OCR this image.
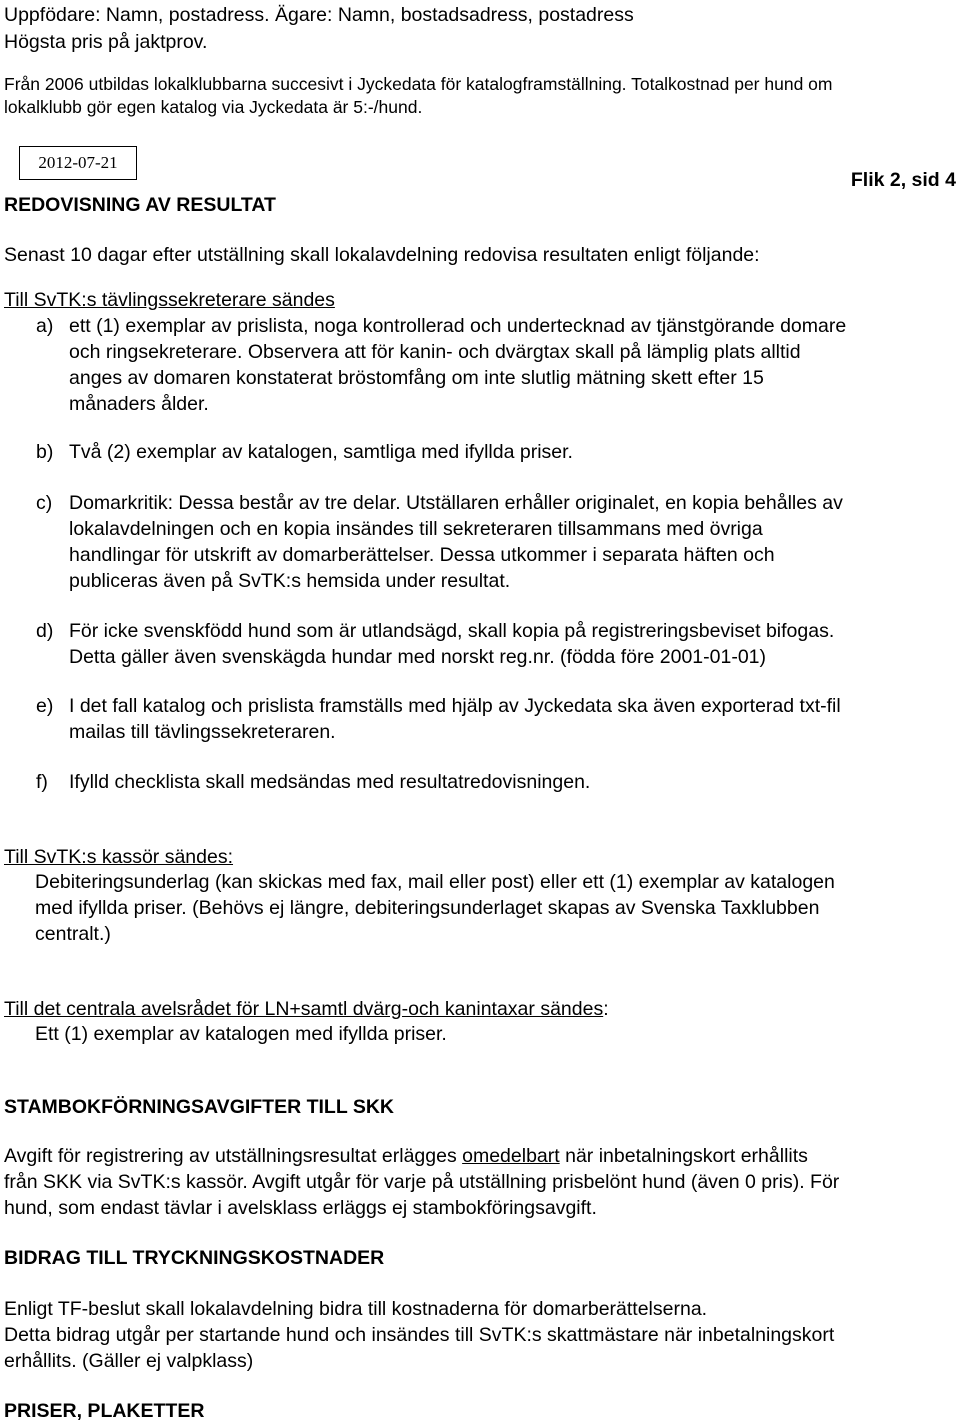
Uppfödare: Namn, postadress. Ägare: Namn, bostadsadress, postadress
Högsta pris på jaktprov.
Från 2006 utbildas lokalklubbarna succesivt i Jyckedata för katalogframställning. Totalkostnad per hund om
lokalklubb gör egen katalog via Jyckedata är 5:-/hund.
2012-07-21
REDOVISNING AV RESULTAT
Flik 2, sid 4
Senast 10 dagar efter utställning skall lokalavdelning redovisa resultaten enligt följande:
Till SvTK:s tävlingssekreterare sändes
a) ett (1) exemplar av prislista, noga kontrollerad och undertecknad av tjänstgörande domare
och ringsekreterare. Observera att för kanin- och dvärgtax skall på lämplig plats alltid
anges av domaren konstaterat bröstomfång om inte slutlig mätning skett efter 15
månaders ålder.
b) Två (2) exemplar av katalogen, samtliga med ifyllda priser.
c) Domarkritik: Dessa består av tre delar. Utställaren erhåller originalet, en kopia behålles av
lokalavdelningen och en kopia insändes till sekreteraren tillsammans med övriga
handlingar för utskrift av domarberättelser. Dessa utkommer i separata häften och
publiceras även på SvTK:s hemsida under resultat.
d) För icke svenskfödd hund som är utlandsägd, skall kopia på registreringsbeviset bifogas.
Detta gäller även svenskägda hundar med norskt reg.nr. (födda före 2001-01-01)
e) I det fall katalog och prislista framställs med hjälp av Jyckedata ska även exporterad txt-fil
mailas till tävlingssekreteraren.
f) Ifylld checklista skall medsändas med resultatredovisningen.
Till SvTK:s kassör sändes:
Debiteringsunderlag (kan skickas med fax, mail eller post) eller ett (1) exemplar av katalogen
med ifyllda priser. (Behövs ej längre, debiteringsunderlaget skapas av Svenska Taxklubben
centralt.)
Till det centrala avelsrådet för LN+samtl dvärg-och kanintaxar sändes:
Ett (1) exemplar av katalogen med ifyllda priser.
STAMBOKFÖRNINGSAVGIFTER TILL SKK
Avgift för registrering av utställningsresultat erlägges omedelbart när inbetalningskort erhållits
från SKK via SvTK:s kassör. Avgift utgår för varje på utställning prisbelönt hund (även 0 pris). För
hund, som endast tävlar i avelsklass erläggs ej stambokföringsavgift.
BIDRAG TILL TRYCKNINGSKOSTNADER
Enligt TF-beslut skall lokalavdelning bidra till kostnaderna för domarberättelserna.
Detta bidrag utgår per startande hund och insändes till SvTK:s skattmästare när inbetalningskort
erhållits. (Gäller ej valpklass)
PRISER, PLAKETTER
